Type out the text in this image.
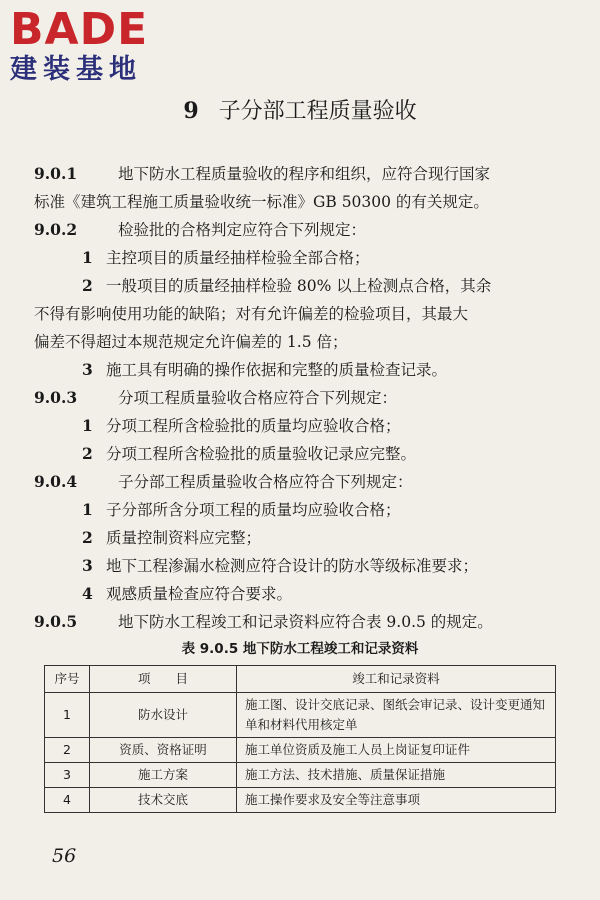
BADE
建装基地
9 子分部工程质量验收
9.0.1	地下防水工程质量验收的程序和组织，应符合现行国家
标准《建筑工程施工质量验收统一标准》GB 50300 的有关规定。
9.0.2	检验批的合格判定应符合下列规定：
1 主控项目的质量经抽样检验全部合格；
2 一般项目的质量经抽样检验 80% 以上检测点合格，其余
不得有影响使用功能的缺陷；对有允许偏差的检验项目，其最大
偏差不得超过本规范规定允许偏差的 1.5 倍；
3 施工具有明确的操作依据和完整的质量检查记录。
9.0.3	分项工程质量验收合格应符合下列规定：
1 分项工程所含检验批的质量均应验收合格；
2 分项工程所含检验批的质量验收记录应完整。
9.0.4	子分部工程质量验收合格应符合下列规定：
1 子分部所含分项工程的质量均应验收合格；
2 质量控制资料应完整；
3 地下工程渗漏水检测应符合设计的防水等级标准要求；
4 观感质量检查应符合要求。
9.0.5	地下防水工程竣工和记录资料应符合表 9.0.5 的规定。
表 9.0.5 地下防水工程竣工和记录资料
序号	项　　目	竣工和记录资料
1	防水设计	施工图、设计交底记录、图纸会审记录、设计变更通知单和材料代用核定单
2	资质、资格证明	施工单位资质及施工人员上岗证复印证件
3	施工方案	施工方法、技术措施、质量保证措施
4	技术交底	施工操作要求及安全等注意事项
56
